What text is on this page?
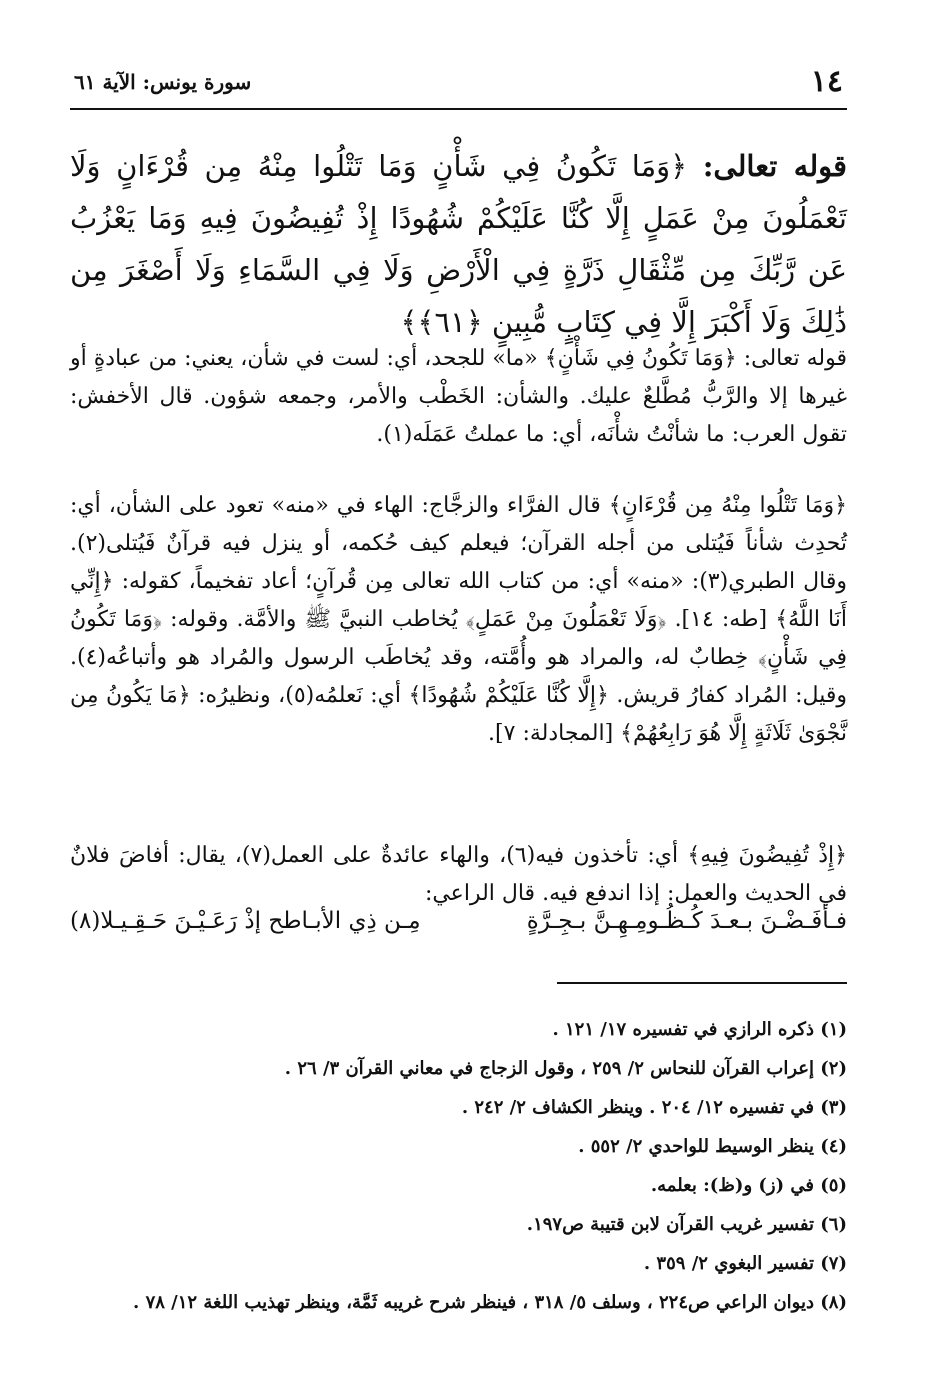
١٤
سورة يونس: الآية ٦١
قوله تعالى: ﴿وَمَا تَكُونُ فِي شَأْنٍ وَمَا تَتْلُوا مِنْهُ مِن قُرْءَانٍ وَلَا تَعْمَلُونَ مِنْ عَمَلٍ إِلَّا كُنَّا عَلَيْكُمْ شُهُودًا إِذْ تُفِيضُونَ فِيهِ وَمَا يَعْزُبُ عَن رَّبِّكَ مِن مِّثْقَالِ ذَرَّةٍ فِي الْأَرْضِ وَلَا فِي السَّمَاءِ وَلَا أَصْغَرَ مِن ذَٰلِكَ وَلَا أَكْبَرَ إِلَّا فِي كِتَابٍ مُّبِينٍ ﴿٦١﴾﴾

قوله تعالى: ﴿وَمَا تَكُونُ فِي شَأْنٍ﴾ «ما» للجحد، أي: لست في شأن، يعني: من عبادةٍ أو غيرها إلا والرَّبُّ مُطَّلعٌ عليك. والشأن: الخَطْب والأمر، وجمعه شؤون. قال الأخفش: تقول العرب: ما شأنْتُ شأْنَه، أي: ما عملتُ عَمَلَه(١).

﴿وَمَا تَتْلُوا مِنْهُ مِن قُرْءَانٍ﴾ قال الفرَّاء والزجَّاج: الهاء في «منه» تعود على الشأن، أي: تُحدِث شأناً فَيُتلى من أجله القرآن؛ فيعلم كيف حُكمه، أو ينزل فيه قرآنٌ فَيُتلى(٢). وقال الطبري(٣): «منه» أي: من كتاب الله تعالى مِن قُرآنٍ؛ أعاد تفخيماً، كقوله: ﴿إِنِّي أَنَا اللَّهُ﴾ [طه: ١٤]. ﴿وَلَا تَعْمَلُونَ مِنْ عَمَلٍ﴾ يُخاطب النبيَّ ﷺ والأمَّة. وقوله: ﴿وَمَا تَكُونُ فِي شَأْنٍ﴾ خِطابٌ له، والمراد هو وأُمَّته، وقد يُخاطَب الرسول والمُراد هو وأتباعُه(٤). وقيل: المُراد كفارُ قريش. ﴿إِلَّا كُنَّا عَلَيْكُمْ شُهُودًا﴾ أي: نَعلمُه(٥)، ونظيرُه: ﴿مَا يَكُونُ مِن نَّجْوَىٰ ثَلَاثَةٍ إِلَّا هُوَ رَابِعُهُمْ﴾ [المجادلة: ٧].

﴿إِذْ تُفِيضُونَ فِيهِ﴾ أي: تأخذون فيه(٦)، والهاء عائدةٌ على العمل(٧)، يقال: أفاضَ فلانٌ في الحديث والعمل: إذا اندفع فيه. قال الراعي:

فـأفَـضْـنَ بـعـدَ كُـظُـومِـهِـنَّ بـجِـرَّةٍ
مِـن ذِي الأبـاطح إذْ رَعَـيْـنَ حَـقِـيـلا(٨)
(١) ذكره الرازي في تفسيره ١٧/ ١٢١ .
(٢) إعراب القرآن للنحاس ٢/ ٢٥٩ ، وقول الزجاج في معاني القرآن ٣/ ٢٦ .
(٣) في تفسيره ١٢/ ٢٠٤ . وينظر الكشاف ٢/ ٢٤٢ .
(٤) ينظر الوسيط للواحدي ٢/ ٥٥٢ .
(٥) في (ز) و(ظ): بعلمه.
(٦) تفسير غريب القرآن لابن قتيبة ص١٩٧.
(٧) تفسير البغوي ٢/ ٣٥٩ .
(٨) ديوان الراعي ص٢٢٤ ، وسلف ٥/ ٣١٨ ، فينظر شرح غريبه ثَمَّة، وينظر تهذيب اللغة ١٢/ ٧٨ .
